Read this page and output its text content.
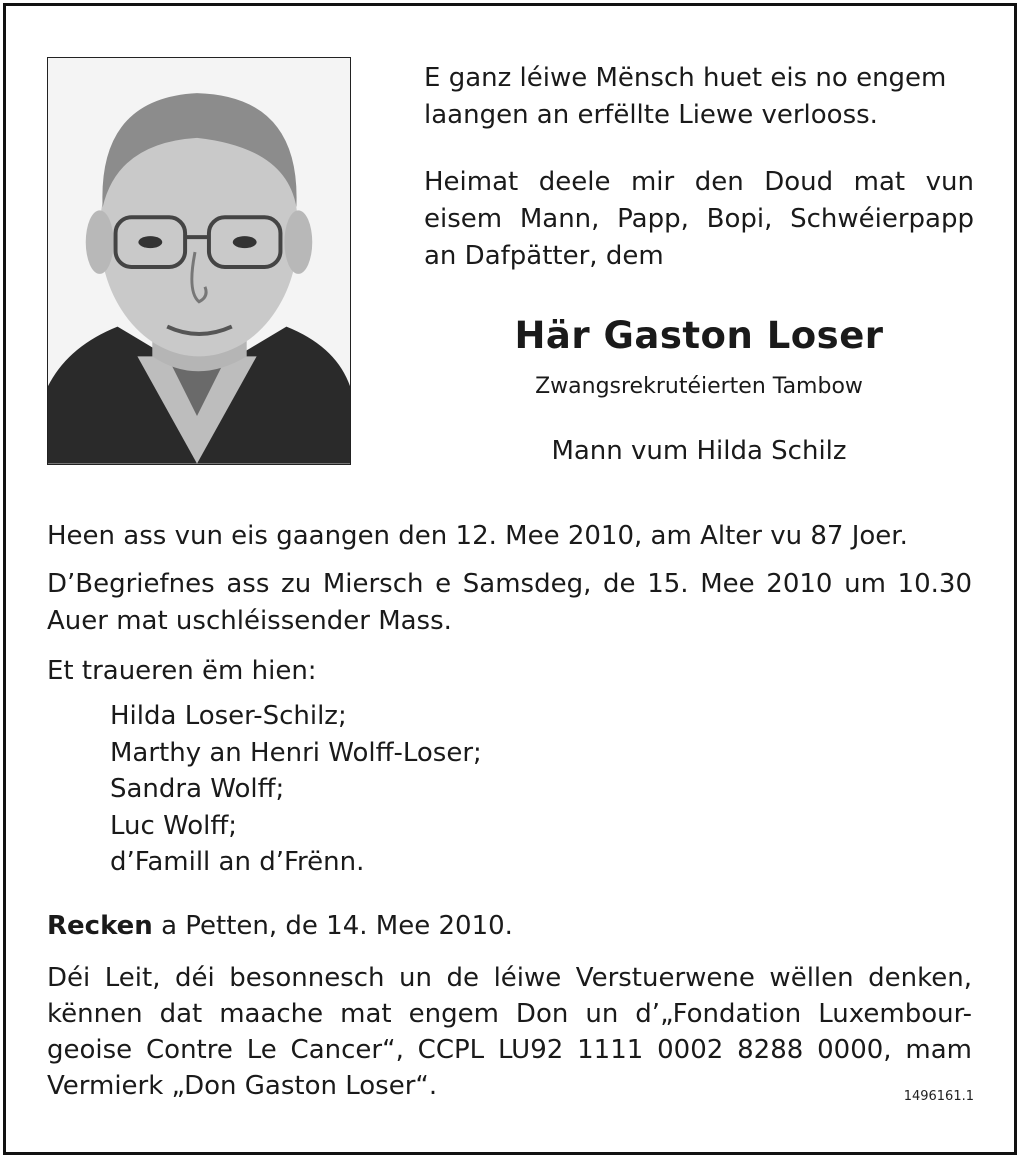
E ganz léiwe Mënsch huet eis no engem
laangen an erfëllte Liewe verlooss.
Heimat deele mir den Doud mat vun
eisem Mann, Papp, Bopi, Schwéierpapp
an Dafpätter, dem
Här Gaston Loser
Zwangsrekrutéierten Tambow
Mann vum Hilda Schilz
Heen ass vun eis gaangen den 12. Mee 2010, am Alter vu 87 Joer.
D’Begriefnes ass zu Miersch e Samsdeg, de 15. Mee 2010 um 10.30
Auer mat uschléissender Mass.
Et traueren ëm hien:
Hilda Loser-Schilz;
Marthy an Henri Wolff-Loser;
Sandra Wolff;
Luc Wolff;
d’Famill an d’Frënn.
Recken a Petten, de 14. Mee 2010.
Déi Leit, déi besonnesch un de léiwe Verstuerwene wëllen denken,
kënnen dat maache mat engem Don un d’„Fondation Luxembour-
geoise Contre Le Cancer“, CCPL LU92 1111 0002 8288 0000, mam
Vermierk „Don Gaston Loser“.	1496161.1
